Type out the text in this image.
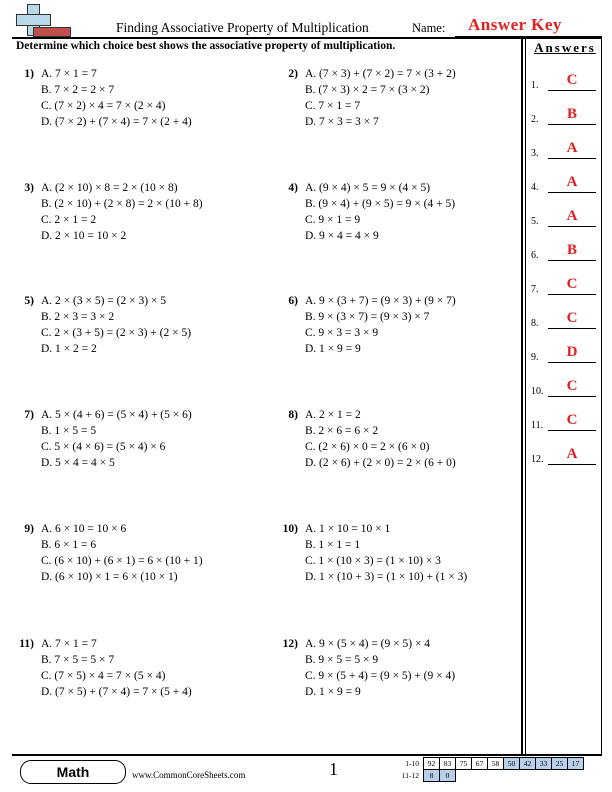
Finding Associative Property of Multiplication	Name: Answer Key
Determine which choice best shows the associative property of multiplication.	Answers
1) A. 7 × 1 = 7
B. 7 × 2 = 2 × 7
C. (7 × 2) × 4 = 7 × (2 × 4)
D. (7 × 2) + (7 × 4) = 7 × (2 + 4)
2) A. (7 × 3) + (7 × 2) = 7 × (3 + 2)
B. (7 × 3) × 2 = 7 × (3 × 2)
C. 7 × 1 = 7
D. 7 × 3 = 3 × 7
3) A. (2 × 10) × 8 = 2 × (10 × 8)
B. (2 × 10) + (2 × 8) = 2 × (10 + 8)
C. 2 × 1 = 2
D. 2 × 10 = 10 × 2
4) A. (9 × 4) × 5 = 9 × (4 × 5)
B. (9 × 4) + (9 × 5) = 9 × (4 + 5)
C. 9 × 1 = 9
D. 9 × 4 = 4 × 9
5) A. 2 × (3 × 5) = (2 × 3) × 5
B. 2 × 3 = 3 × 2
C. 2 × (3 + 5) = (2 × 3) + (2 × 5)
D. 1 × 2 = 2
6) A. 9 × (3 + 7) = (9 × 3) + (9 × 7)
B. 9 × (3 × 7) = (9 × 3) × 7
C. 9 × 3 = 3 × 9
D. 1 × 9 = 9
7) A. 5 × (4 + 6) = (5 × 4) + (5 × 6)
B. 1 × 5 = 5
C. 5 × (4 × 6) = (5 × 4) × 6
D. 5 × 4 = 4 × 5
8) A. 2 × 1 = 2
B. 2 × 6 = 6 × 2
C. (2 × 6) × 0 = 2 × (6 × 0)
D. (2 × 6) + (2 × 0) = 2 × (6 + 0)
9) A. 6 × 10 = 10 × 6
B. 6 × 1 = 6
C. (6 × 10) + (6 × 1) = 6 × (10 + 1)
D. (6 × 10) × 1 = 6 × (10 × 1)
10) A. 1 × 10 = 10 × 1
B. 1 × 1 = 1
C. 1 × (10 × 3) = (1 × 10) × 3
D. 1 × (10 + 3) = (1 × 10) + (1 × 3)
11) A. 7 × 1 = 7
B. 7 × 5 = 5 × 7
C. (7 × 5) × 4 = 7 × (5 × 4)
D. (7 × 5) + (7 × 4) = 7 × (5 + 4)
12) A. 9 × (5 × 4) = (9 × 5) × 4
B. 9 × 5 = 5 × 9
C. 9 × (5 + 4) = (9 × 5) + (9 × 4)
D. 1 × 9 = 9
1.	C
2.	B
3.	A
4.	A
5.	A
6.	B
7.	C
8.	C
9.	D
10.	C
11.	C
12.	A
Math	www.CommonCoreSheets.com	1	1-10	92	83	75	67	58	50	42	33	25	17
11-12	8	0								
